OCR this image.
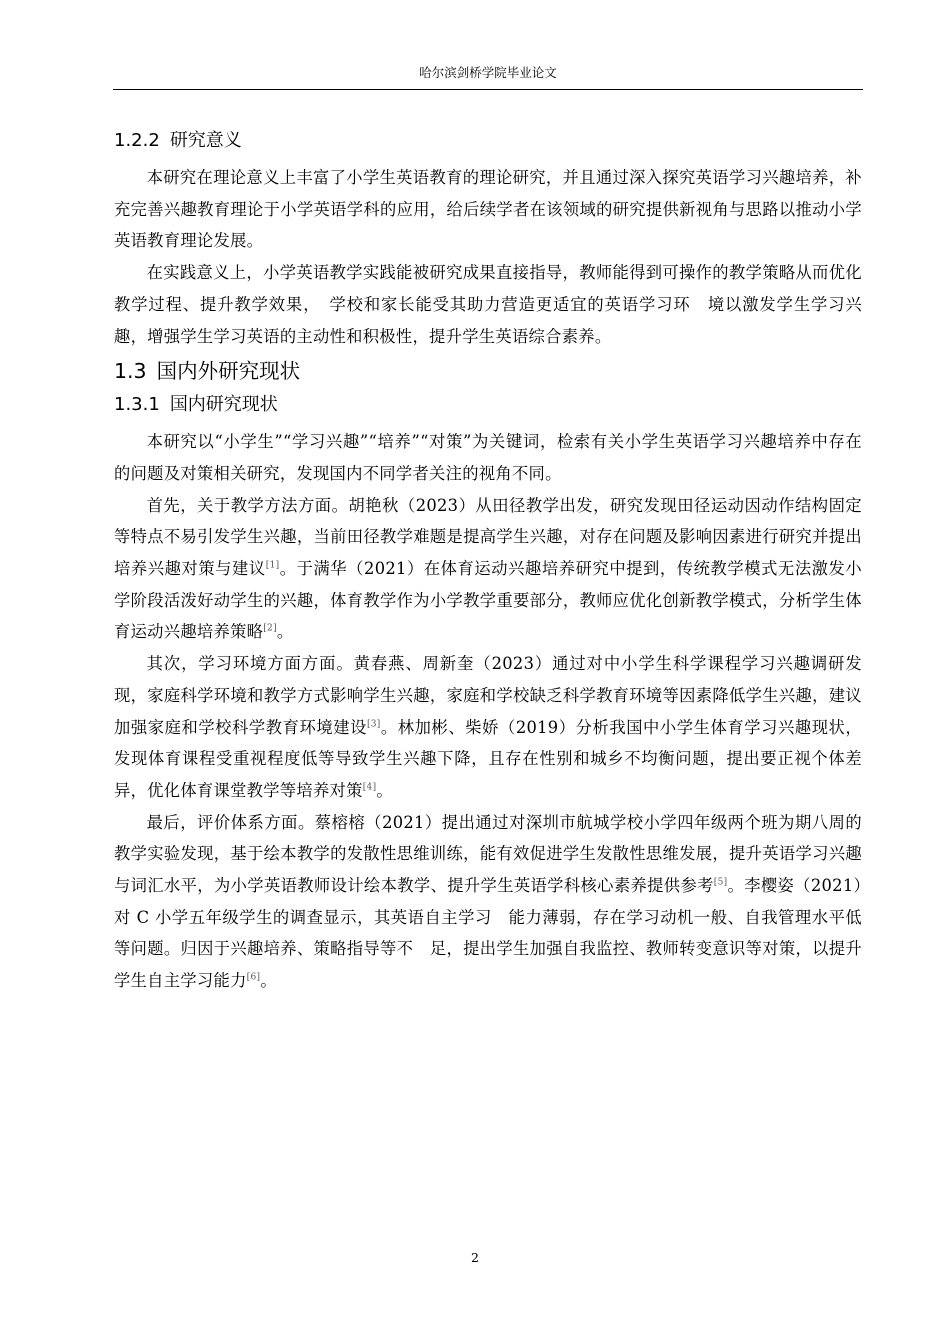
哈尔滨剑桥学院毕业论文
1.2.2 研究意义

本研究在理论意义上丰富了小学生英语教育的理论研究，并且通过深入探究英语学习兴趣培养，补充完善兴趣教育理论于小学英语学科的应用，给后续学者在该领域的研究提供新视角与思路以推动小学英语教育理论发展。

在实践意义上，小学英语教学实践能被研究成果直接指导，教师能得到可操作的教学策略从而优化教学过程、提升教学效果，　学校和家长能受其助力营造更适宜的英语学习环　境以激发学生学习兴趣，增强学生学习英语的主动性和积极性，提升学生英语综合素养。

1.3 国内外研究现状
1.3.1 国内研究现状

本研究以“小学生”“学习兴趣”“培养”“对策”为关键词，检索有关小学生英语学习兴趣培养中存在的问题及对策相关研究，发现国内不同学者关注的视角不同。

首先，关于教学方法方面。胡艳秋（2023）从田径教学出发，研究发现田径运动因动作结构固定等特点不易引发学生兴趣，当前田径教学难题是提高学生兴趣，对存在问题及影响因素进行研究并提出培养兴趣对策与建议[1]。于满华（2021）在体育运动兴趣培养研究中提到，传统教学模式无法激发小学阶段活泼好动学生的兴趣，体育教学作为小学教学重要部分，教师应优化创新教学模式，分析学生体育运动兴趣培养策略[2]。

其次，学习环境方面方面。黄春燕、周新奎（2023）通过对中小学生科学课程学习兴趣调研发现，家庭科学环境和教学方式影响学生兴趣，家庭和学校缺乏科学教育环境等因素降低学生兴趣，建议加强家庭和学校科学教育环境建设[3]。林加彬、柴娇（2019）分析我国中小学生体育学习兴趣现状，发现体育课程受重视程度低等导致学生兴趣下降，且存在性别和城乡不均衡问题，提出要正视个体差异，优化体育课堂教学等培养对策[4]。

最后，评价体系方面。蔡榕榕（2021）提出通过对深圳市航城学校小学四年级两个班为期八周的教学实验发现，基于绘本教学的发散性思维训练，能有效促进学生发散性思维发展，提升英语学习兴趣与词汇水平，为小学英语教师设计绘本教学、提升学生英语学科核心素养提供参考[5]。李樱姿（2021）对 C 小学五年级学生的调查显示，其英语自主学习　能力薄弱，存在学习动机一般、自我管理水平低等问题。归因于兴趣培养、策略指导等不　足，提出学生加强自我监控、教师转变意识等对策，以提升学生自主学习能力[6]。

2
